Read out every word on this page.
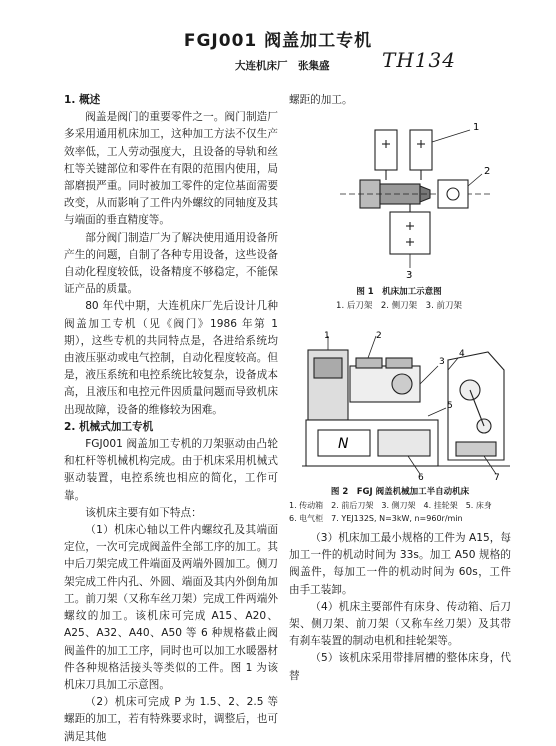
FGJ001 阀盖加工专机
大连机床厂　张集盛	TH134

1. 概述

阀盖是阀门的重要零件之一。阀门制造厂多采用通用机床加工，这种加工方法不仅生产效率低，工人劳动强度大，且设备的导轨和丝杠等关键部位和零件在有限的范围内使用，局部磨损严重。同时被加工零件的定位基面需要改变，从而影响了工件内外螺纹的同轴度及其与端面的垂直精度等。

部分阀门制造厂为了解决使用通用设备所产生的问题，自制了各种专用设备，这些设备自动化程度较低，设备精度不够稳定，不能保证产品的质量。

80 年代中期，大连机床厂先后设计几种阀盖加工专机（见《阀门》1986 年第 1 期），这些专机的共同特点是，各进给系统均由液压驱动或电气控制，自动化程度较高。但是，液压系统和电控系统比较复杂，设备成本高，且液压和电控元件因质量问题而导致机床出现故障，设备的维修较为困难。

2. 机械式加工专机

FGJ001 阀盖加工专机的刀架驱动由凸轮和杠杆等机械机构完成。由于机床采用机械式驱动装置，电控系统也相应的简化，工作可靠。

该机床主要有如下特点：

（1）机床心轴以工件内螺纹孔及其端面定位，一次可完成阀盖件全部工序的加工。其中后刀架完成工件端面及两端外圆加工。侧刀架完成工件内孔、外圆、端面及其内外倒角加工。前刀架（又称车丝刀架）完成工件两端外螺纹的加工。该机床可完成 A15、A20、A25、A32、A40、A50 等 6 种规格截止阀阀盖件的加工工序，同时也可以加工水暖器材件各种规格活接头等类似的工件。图 1 为该机床刀具加工示意图。

（2）机床可完成 P 为 1.5、2、2.5 等螺距的加工，若有特殊要求时，调整后，也可满足其他

螺距的加工。
1
2
3
图 1　机床加工示意图
1. 后刀架　2. 侧刀架　3. 前刀架
1	2
3
4
5
6	7
N
图 2　FGJ 阀盖机械加工半自动机床
1. 传动箱　2. 前后刀架　3. 侧刀架　4. 挂轮架　5. 床身
6. 电气柜　7. YEJ132S, N=3kW, n=960r/min

（3）机床加工最小规格的工件为 A15，每加工一件的机动时间为 33s。加工 A50 规格的阀盖件，每加工一件的机动时间为 60s，工件由手工装卸。

（4）机床主要部件有床身、传动箱、后刀架、侧刀架、前刀架（又称车丝刀架）及其带有刹车装置的制动电机和挂轮架等。

（5）该机床采用带排屑槽的整体床身，代替
